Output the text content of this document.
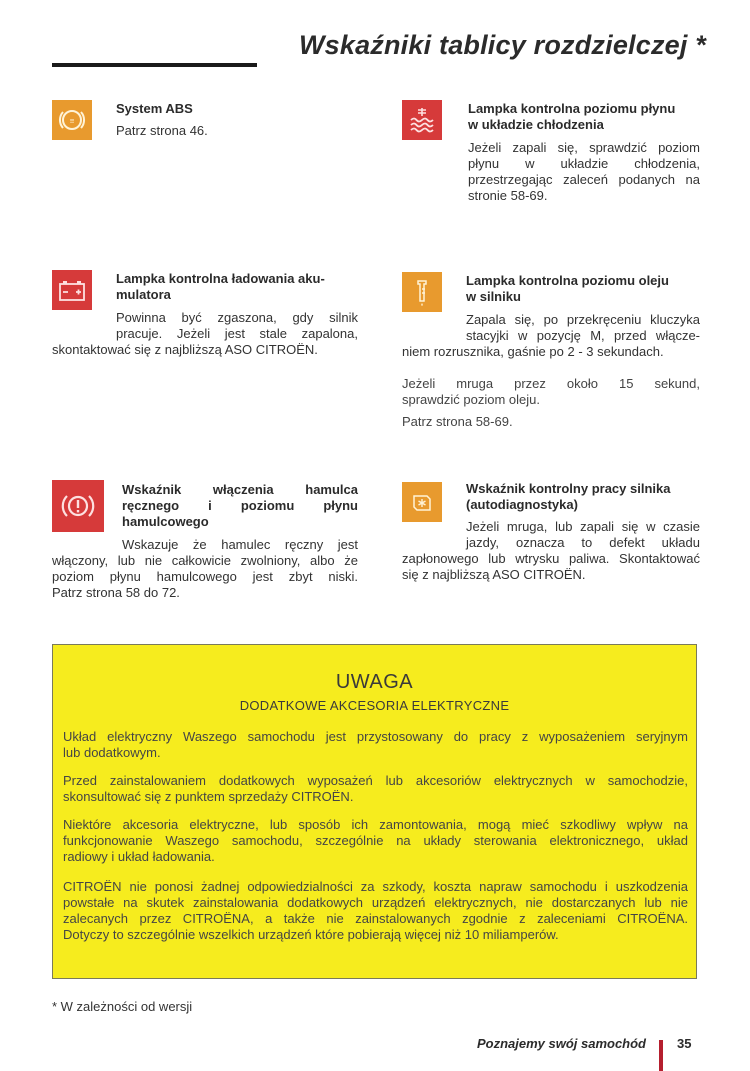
Wskaźniki tablicy rozdzielczej *
≡
System ABS
Patrz strona 46.
Lampka kontrolna poziomu płynu
w układzie chłodzenia
Jeżeli zapali się, sprawdzić poziom
płynu w układzie chłodzenia,
przestrzegając zaleceń podanych na
stronie 58-69.
Lampka kontrolna ładowania aku-
mulatora
Powinna być zgaszona, gdy silnik
pracuje. Jeżeli jest stale zapalona,
skontaktować się z najbliższą ASO CITROËN.
Lampka kontrolna poziomu oleju
w silniku
Zapala się, po przekręceniu kluczyka
stacyjki w pozycję M, przed włącze-
niem rozrusznika, gaśnie po 2 - 3 sekundach.
Jeżeli mruga przez około 15 sekund,
sprawdzić poziom oleju.
Patrz strona 58-69.
Wskaźnik włączenia hamulca
ręcznego i poziomu płynu
hamulcowego
Wskazuje że hamulec ręczny jest
włączony, lub nie całkowicie zwolniony, albo że
poziom płynu hamulcowego jest zbyt niski.
Patrz strona 58 do 72.
Wskaźnik kontrolny pracy silnika
(autodiagnostyka)
Jeżeli mruga, lub zapali się w czasie
jazdy, oznacza to defekt układu
zapłonowego lub wtrysku paliwa. Skontaktować
się z najbliższą ASO CITROËN.
UWAGA
DODATKOWE AKCESORIA ELEKTRYCZNE
Układ elektryczny Waszego samochodu jest przystosowany do pracy z wyposażeniem seryjnym
lub dodatkowym.
Przed zainstalowaniem dodatkowych wyposażeń lub akcesoriów elektrycznych w samochodzie,
skonsultować się z punktem sprzedaży CITROËN.
Niektóre akcesoria elektryczne, lub sposób ich zamontowania, mogą mieć szkodliwy wpływ na
funkcjonowanie Waszego samochodu, szczególnie na układy sterowania elektronicznego, układ
radiowy i układ ładowania.
CITROËN nie ponosi żadnej odpowiedzialności za szkody, koszta napraw samochodu i uszkodzenia
powstałe na skutek zainstalowania dodatkowych urządzeń elektrycznych, nie dostarczanych lub nie
zalecanych przez CITROËNA, a także nie zainstalowanych zgodnie z zaleceniami CITROËNA.
Dotyczy to szczególnie wszelkich urządzeń które pobierają więcej niż 10 miliamperów.
* W zależności od wersji
Poznajemy swój samochód 35
